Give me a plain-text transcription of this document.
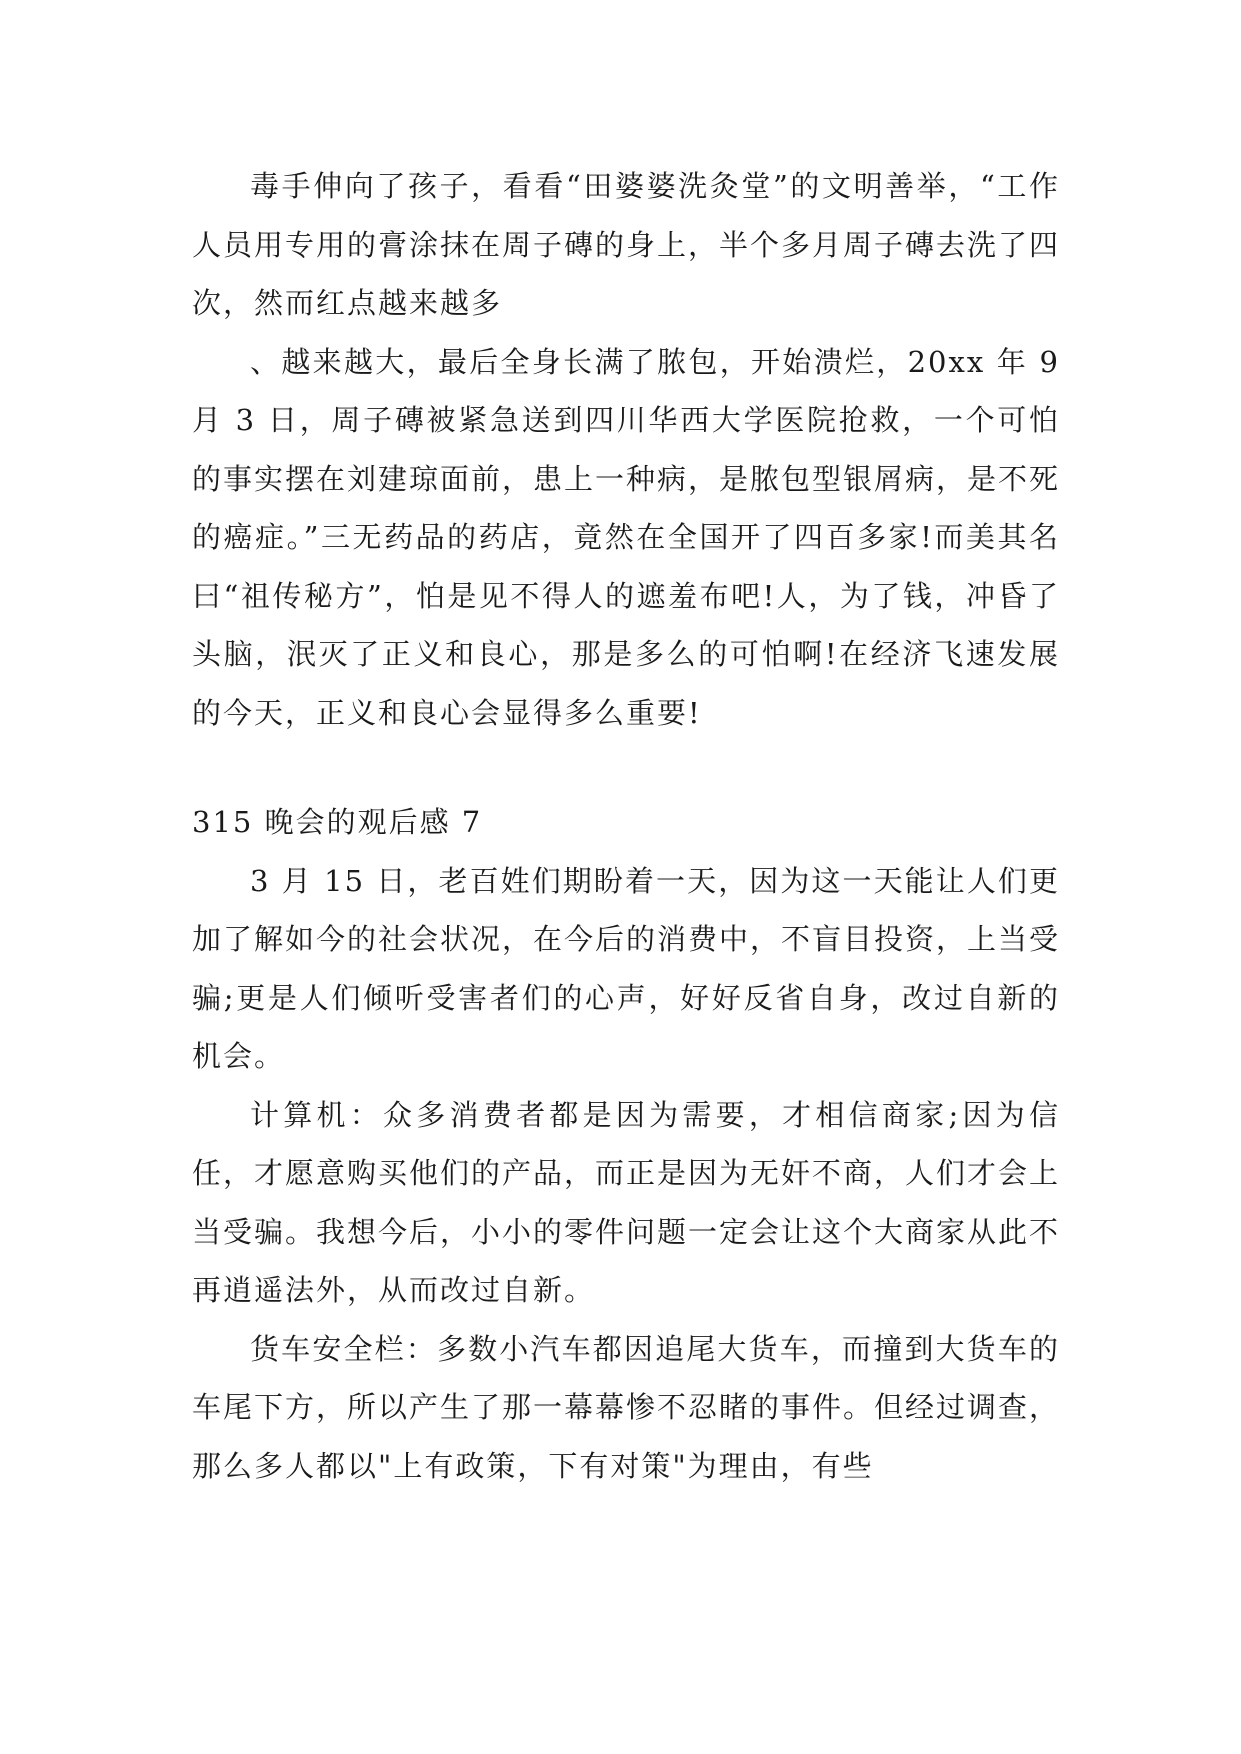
毒手伸向了孩子，看看“田婆婆洗灸堂”的文明善举，“工作人员用专用的膏涂抹在周子磚的身上，半个多月周子磚去洗了四次，然而红点越来越多

、越来越大，最后全身长满了脓包，开始溃烂，20xx 年 9 月 3 日，周子磚被紧急送到四川华西大学医院抢救，一个可怕的事实摆在刘建琼面前，患上一种病，是脓包型银屑病，是不死的癌症。”三无药品的药店，竟然在全国开了四百多家!而美其名曰“祖传秘方”，怕是见不得人的遮羞布吧!人，为了钱，冲昏了头脑，泯灭了正义和良心，那是多么的可怕啊!在经济飞速发展的今天，正义和良心会显得多么重要!

315 晚会的观后感 7

3 月 15 日，老百姓们期盼着一天，因为这一天能让人们更加了解如今的社会状况，在今后的消费中，不盲目投资，上当受骗;更是人们倾听受害者们的心声，好好反省自身，改过自新的机会。

计算机：众多消费者都是因为需要，才相信商家;因为信任，才愿意购买他们的产品，而正是因为无奸不商，人们才会上当受骗。我想今后，小小的零件问题一定会让这个大商家从此不再逍遥法外，从而改过自新。

货车安全栏：多数小汽车都因追尾大货车，而撞到大货车的车尾下方，所以产生了那一幕幕惨不忍睹的事件。但经过调查，那么多人都以"上有政策，下有对策"为理由，有些
